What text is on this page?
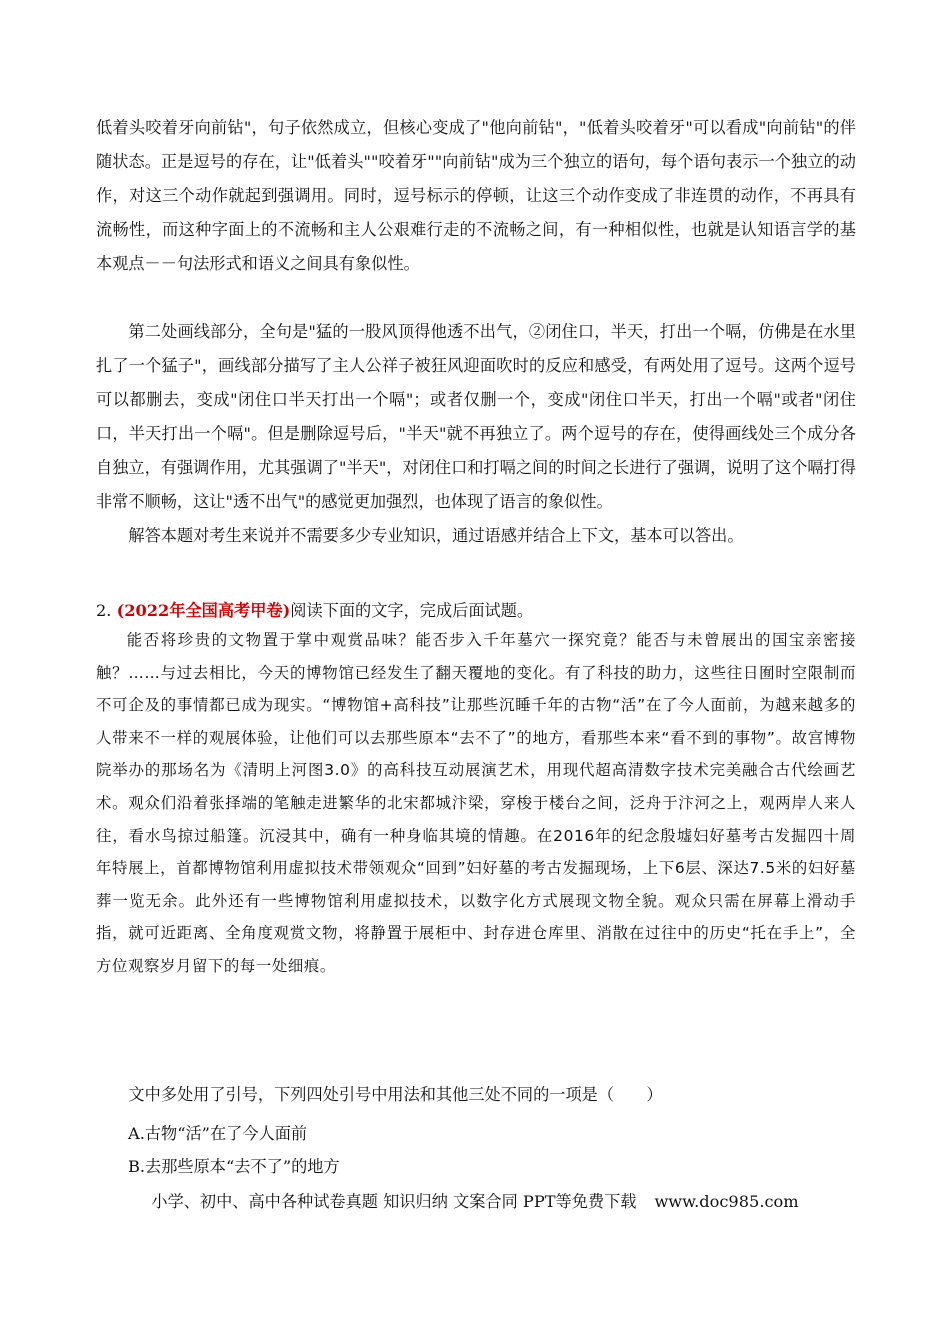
低着头咬着牙向前钻"，句子依然成立，但核心变成了"他向前钻"，"低着头咬着牙"可以看成"向前钻"的伴随状态。正是逗号的存在，让"低着头""咬着牙""向前钻"成为三个独立的语句，每个语句表示一个独立的动作，对这三个动作就起到强调用。同时，逗号标示的停顿，让这三个动作变成了非连贯的动作，不再具有流畅性，而这种字面上的不流畅和主人公艰难行走的不流畅之间，有一种相似性，也就是认知语言学的基本观点－－句法形式和语义之间具有象似性。

第二处画线部分，全句是"猛的一股风顶得他透不出气，②闭住口，半天，打出一个嗝，仿佛是在水里扎了一个猛子"，画线部分描写了主人公祥子被狂风迎面吹时的反应和感受，有两处用了逗号。这两个逗号可以都删去，变成"闭住口半天打出一个嗝"；或者仅删一个，变成"闭住口半天，打出一个嗝"或者"闭住口，半天打出一个嗝"。但是删除逗号后，"半天"就不再独立了。两个逗号的存在，使得画线处三个成分各自独立，有强调作用，尤其强调了"半天"，对闭住口和打嗝之间的时间之长进行了强调，说明了这个嗝打得非常不顺畅，这让"透不出气"的感觉更加强烈，也体现了语言的象似性。

解答本题对考生来说并不需要多少专业知识，通过语感并结合上下文，基本可以答出。

2. (2022年全国高考甲卷)阅读下面的文字，完成后面试题。

能否将珍贵的文物置于掌中观赏品味？能否步入千年墓穴一探究竟？能否与未曾展出的国宝亲密接触？……与过去相比，今天的博物馆已经发生了翻天覆地的变化。有了科技的助力，这些往日囿时空限制而不可企及的事情都已成为现实。“博物馆+高科技”让那些沉睡千年的古物“活”在了今人面前，为越来越多的人带来不一样的观展体验，让他们可以去那些原本“去不了”的地方，看那些本来“看不到的事物”。故宫博物院举办的那场名为《清明上河图3.0》的高科技互动展演艺术，用现代超高清数字技术完美融合古代绘画艺术。观众们沿着张择端的笔触走进繁华的北宋都城汴梁，穿梭于楼台之间，泛舟于汴河之上，观两岸人来人往，看水鸟掠过船篷。沉浸其中，确有一种身临其境的情趣。在2016年的纪念殷墟妇好墓考古发掘四十周年特展上，首都博物馆利用虚拟技术带领观众“回到”妇好墓的考古发掘现场，上下6层、深达7.5米的妇好墓葬一览无余。此外还有一些博物馆利用虚拟技术，以数字化方式展现文物全貌。观众只需在屏幕上滑动手指，就可近距离、全角度观赏文物，将静置于展柜中、封存进仓库里、消散在过往中的历史“托在手上”，全方位观察岁月留下的每一处细痕。

文中多处用了引号，下列四处引号中用法和其他三处不同的一项是（　　）

A.古物“活”在了今人面前

B.去那些原本“去不了”的地方

小学、初中、高中各种试卷真题 知识归纳 文案合同 PPT等免费下载 www.doc985.com
